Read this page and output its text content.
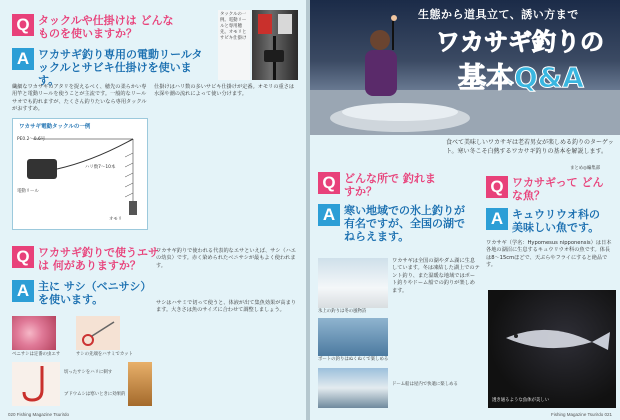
Q タックルや仕掛けは どんなものを使いますか？
A ワカサギ釣り専用の電動リールタックルとサビキ仕掛けを使います。
タックルの一例。電動リールと専用穂先、オモリとサビキ仕掛け
繊細なワカサギのアタリを捉えるべく、穂先の柔らかい専用竿と電動リールを使うことが主流です。一般的なリールサオでも釣れますが、たくさん釣りたいなら専用タックルがおすすめ。
仕掛けはハリ数の多いサビキ仕掛けが定番。オモリの重さは水深や潮の流れによって使い分けます。
ワカサギ電動タックルの一例
PE0.2〜0.6号
電動リール
ハリ数7〜10本
オモリ
Q ワカサギ釣りで使うエサは 何がありますか？
A 主に サシ（ベニサシ）を使います。
ワカサギ釣りで使われる代表的なエサといえば、サシ（ハエの幼虫）です。赤く染められたベニサシが最もよく使われます。
サシはハサミで切って使うと、体液が出て集魚効果が高まります。大きさは魚のサイズに合わせて調整しましょう。
ベニサシは定番の虫エサ	サシの先端をハサミでカット
切ったサシをハリに刺す
ブドウムシは寒いときに効果的
020 Fishing Magazine Tsuri!do
生態から道具立て、誘い方まで
ワカサギ釣りの
基本Q&A
食べて美味しいワカサギは老若男女が楽しめる釣りのターゲット。寒い冬こそ白熱するワカサギ釣りの基本を解説します。
まとめ◎編集部
Q ワカサギって どんな魚？
A キュウリウオ科の 美味しい魚です。
ワカサギ（学名：Hypomesus nipponensis）は日本各地の湖沼に生息するキュウリウオ科の魚です。体長は8〜15cmほどで、天ぷらやフライにすると絶品です。
Q どんな所で 釣れますか？
A 寒い地域での氷上釣りが有名ですが、全国の湖でねらえます。
氷上の釣りは冬の風物詩
ボートの釣りはぬくぬくで楽しめる
ワカサギは全国の湖やダム湖に生息しています。冬は凍結した湖上でのテント釣り、また温暖な地域ではボート釣りやドーム船での釣りが楽しめます。
ドーム船は屋内で快適に楽しめる
透き通るような魚体が美しい
Fishing Magazine Tsuri!do 021
